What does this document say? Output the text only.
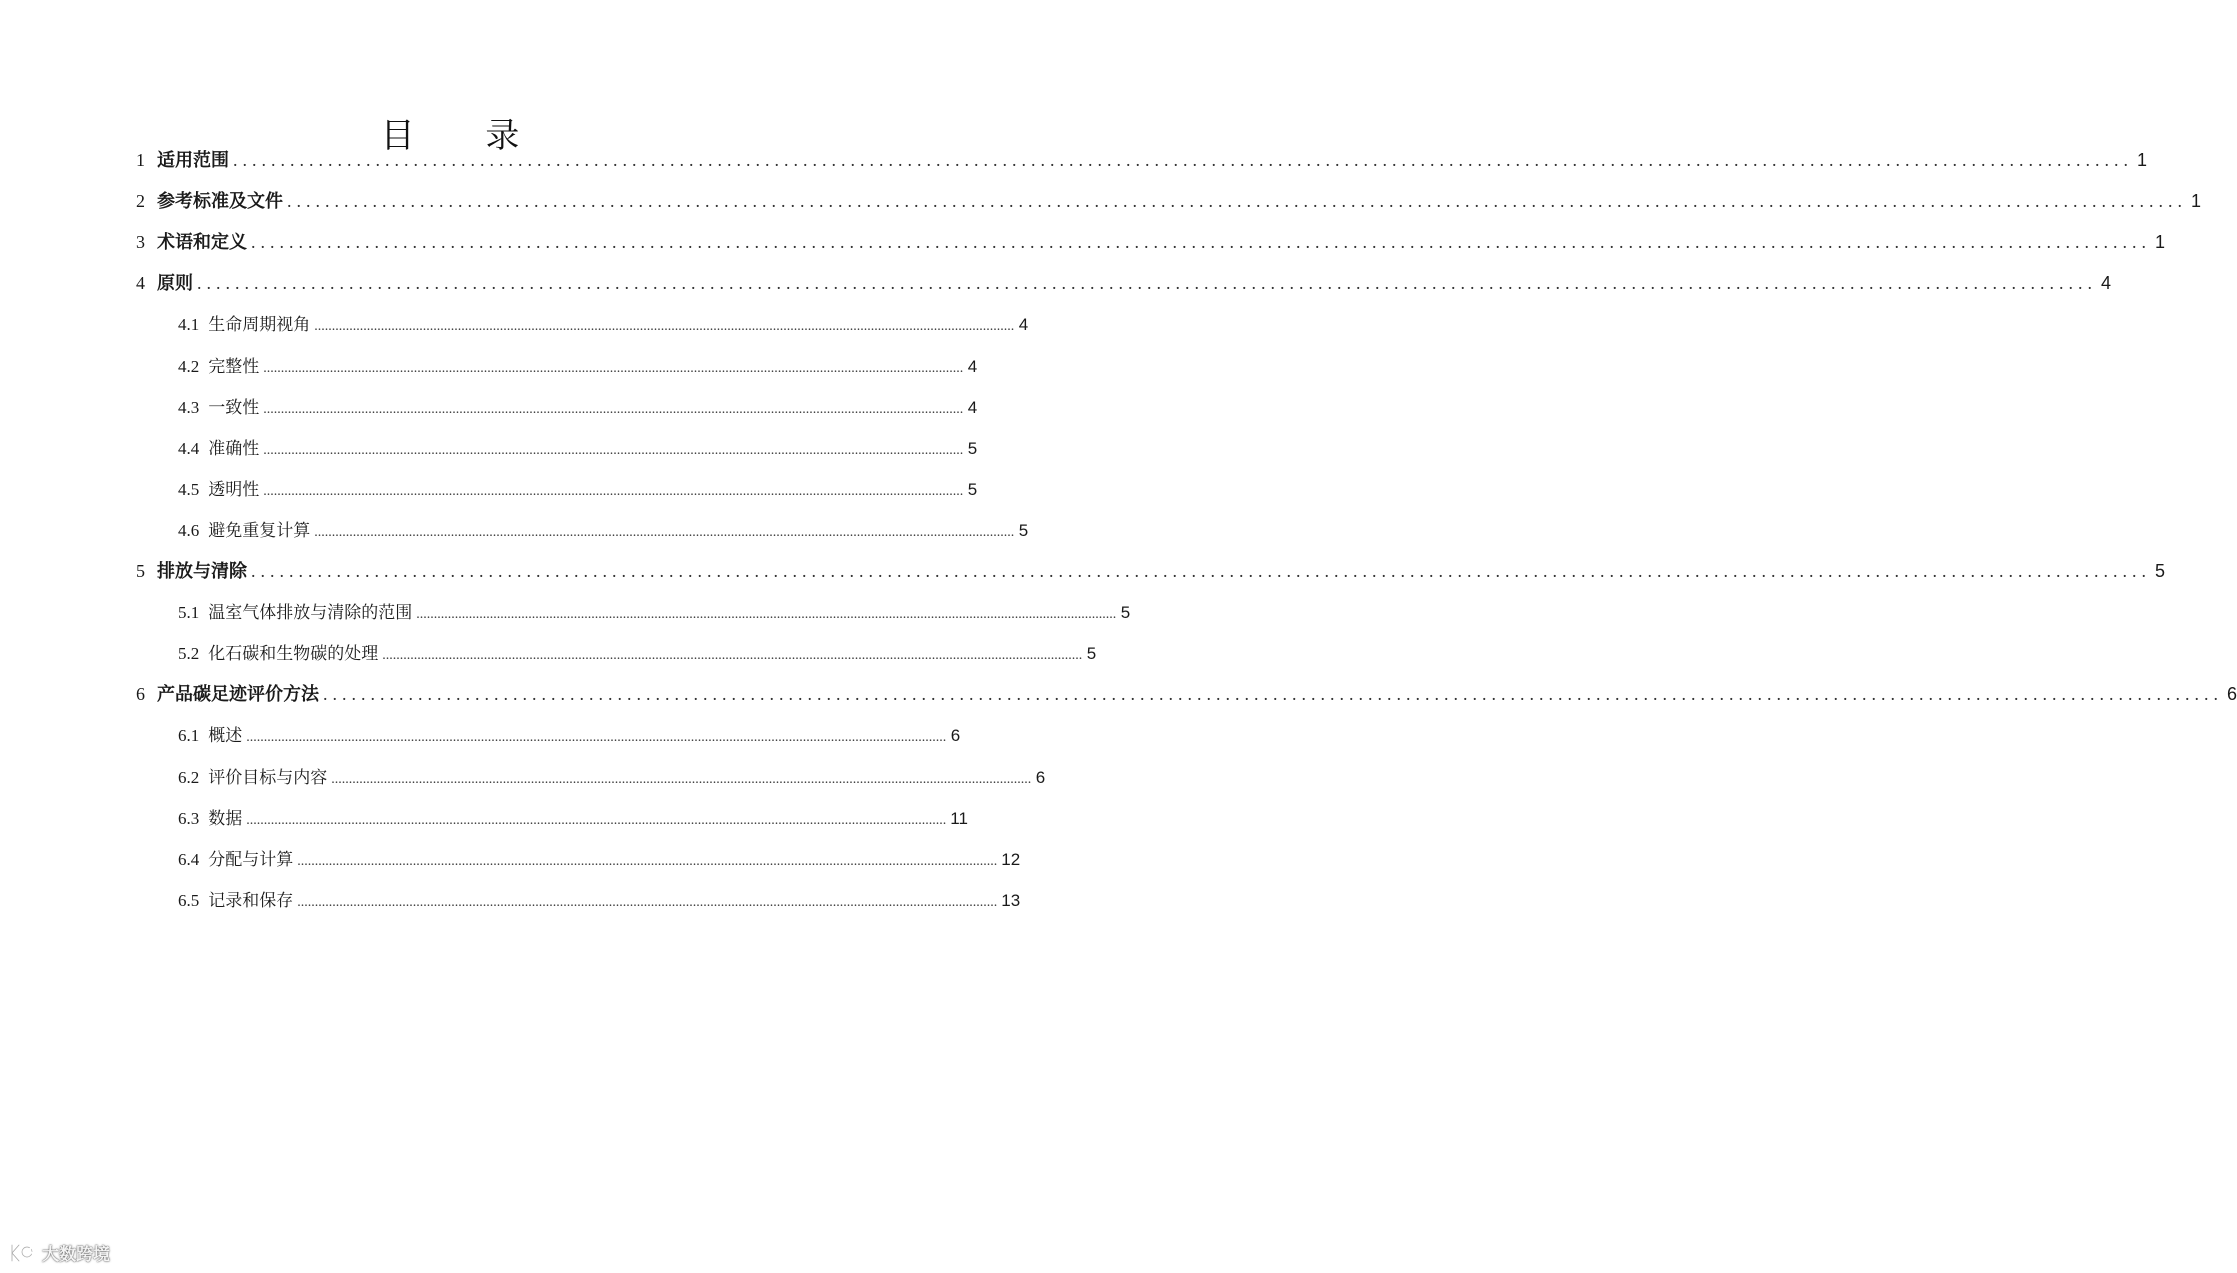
目 录
1 适用范围 ........................................................................................................................................................................................................ 1
2 参考标准及文件 ........................................................................................................................................................................................................ 1
3 术语和定义 ........................................................................................................................................................................................................ 1
4 原则 ........................................................................................................................................................................................................ 4
4.1 生命周期视角 ........................................................................................................................................................................................................ 4
4.2 完整性 ........................................................................................................................................................................................................ 4
4.3 一致性 ........................................................................................................................................................................................................ 4
4.4 准确性 ........................................................................................................................................................................................................ 5
4.5 透明性 ........................................................................................................................................................................................................ 5
4.6 避免重复计算 ........................................................................................................................................................................................................ 5
5 排放与清除 ........................................................................................................................................................................................................ 5
5.1 温室气体排放与清除的范围 ........................................................................................................................................................................................................ 5
5.2 化石碳和生物碳的处理 ........................................................................................................................................................................................................ 5
6 产品碳足迹评价方法 ........................................................................................................................................................................................................ 6
6.1 概述 ........................................................................................................................................................................................................ 6
6.2 评价目标与内容 ........................................................................................................................................................................................................ 6
6.3 数据 ........................................................................................................................................................................................................ 11
6.4 分配与计算 ........................................................................................................................................................................................................ 12
6.5 记录和保存 ........................................................................................................................................................................................................ 13
大数跨境
